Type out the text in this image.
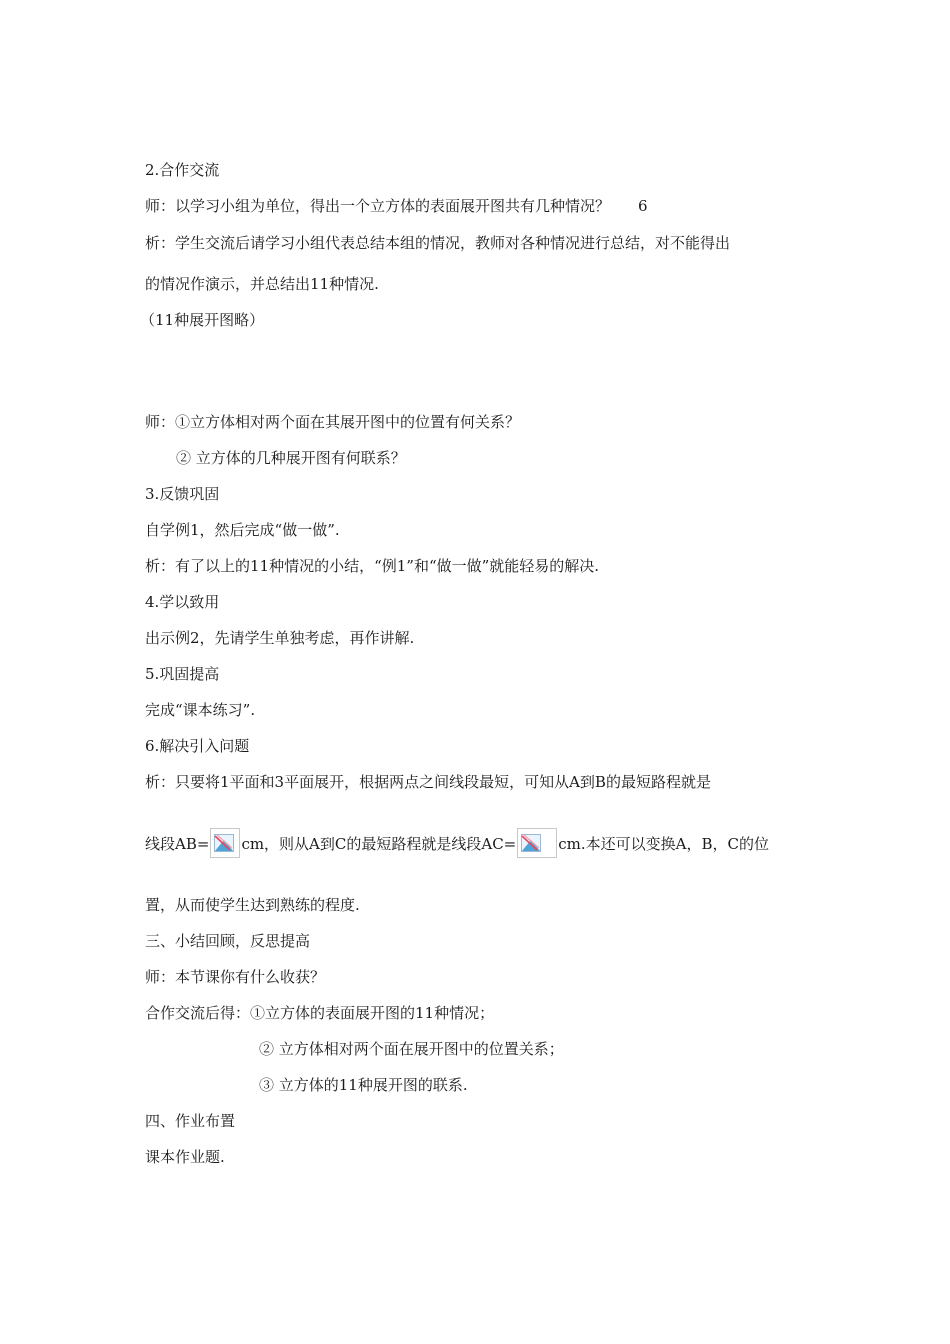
2.合作交流
师：以学习小组为单位，得出一个立方体的表面展开图共有几种情况？ 6
析：学生交流后请学习小组代表总结本组的情况，教师对各种情况进行总结，对不能得出
的情况作演示，并总结出11种情况.
（11种展开图略）
师：①立方体相对两个面在其展开图中的位置有何关系？
② 立方体的几种展开图有何联系？
3.反馈巩固
自学例1，然后完成“做一做”.
析：有了以上的11种情况的小结，“例1”和“做一做”就能轻易的解决.
4.学以致用
出示例2，先请学生单独考虑，再作讲解.
5.巩固提高
完成“课本练习”.
6.解决引入问题
析：只要将1平面和3平面展开，根据两点之间线段最短，可知从A到B的最短路程就是
线段AB= cm，则从A到C的最短路程就是线段AC=	cm.本还可以变换A，B，C的位
置，从而使学生达到熟练的程度.
三、小结回顾，反思提高
师：本节课你有什么收获？
合作交流后得：①立方体的表面展开图的11种情况；
② 立方体相对两个面在展开图中的位置关系；
③ 立方体的11种展开图的联系.
四、作业布置
课本作业题.
